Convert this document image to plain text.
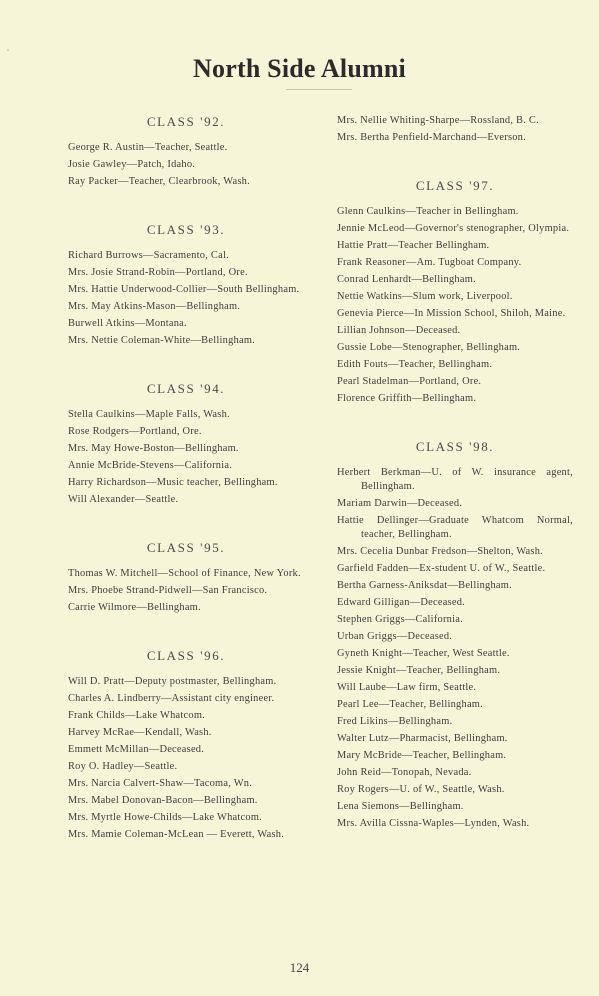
North Side Alumni
CLASS '92.
George R. Austin—Teacher, Seattle.
Josie Gawley—Patch, Idaho.
Ray Packer—Teacher, Clearbrook, Wash.
CLASS '93.
Richard Burrows—Sacramento, Cal.
Mrs. Josie Strand-Robin—Portland, Ore.
Mrs. Hattie Underwood-Collier—South Bellingham.
Mrs. May Atkins-Mason—Bellingham.
Burwell Atkins—Montana.
Mrs. Nettie Coleman-White—Bellingham.
CLASS '94.
Stella Caulkins—Maple Falls, Wash.
Rose Rodgers—Portland, Ore.
Mrs. May Howe-Boston—Bellingham.
Annie McBride-Stevens—California.
Harry Richardson—Music teacher, Bellingham.
Will Alexander—Seattle.
CLASS '95.
Thomas W. Mitchell—School of Finance, New York.
Mrs. Phoebe Strand-Pidwell—San Francisco.
Carrie Wilmore—Bellingham.
CLASS '96.
Will D. Pratt—Deputy postmaster, Bellingham.
Charles A. Lindberry—Assistant city engineer.
Frank Childs—Lake Whatcom.
Harvey McRae—Kendall, Wash.
Emmett McMillan—Deceased.
Roy O. Hadley—Seattle.
Mrs. Narcia Calvert-Shaw—Tacoma, Wn.
Mrs. Mabel Donovan-Bacon—Bellingham.
Mrs. Myrtle Howe-Childs—Lake Whatcom.
Mrs. Mamie Coleman-McLean — Everett, Wash.
Mrs. Nellie Whiting-Sharpe—Rossland, B. C.
Mrs. Bertha Penfield-Marchand—Everson.
CLASS '97.
Glenn Caulkins—Teacher in Bellingham.
Jennie McLeod—Governor's stenographer, Olympia.
Hattie Pratt—Teacher Bellingham.
Frank Reasoner—Am. Tugboat Company.
Conrad Lenhardt—Bellingham.
Nettie Watkins—Slum work, Liverpool.
Genevia Pierce—In Mission School, Shiloh, Maine.
Lillian Johnson—Deceased.
Gussie Lobe—Stenographer, Bellingham.
Edith Fouts—Teacher, Bellingham.
Pearl Stadelman—Portland, Ore.
Florence Griffith—Bellingham.
CLASS '98.
Herbert Berkman—U. of W. insurance agent, Bellingham.
Mariam Darwin—Deceased.
Hattie Dellinger—Graduate Whatcom Normal, teacher, Bellingham.
Mrs. Cecelia Dunbar Fredson—Shelton, Wash.
Garfield Fadden—Ex-student U. of W., Seattle.
Bertha Garness-Aniksdat—Bellingham.
Edward Gilligan—Deceased.
Stephen Griggs—California.
Urban Griggs—Deceased.
Gyneth Knight—Teacher, West Seattle.
Jessie Knight—Teacher, Bellingham.
Will Laube—Law firm, Seattle.
Pearl Lee—Teacher, Bellingham.
Fred Likins—Bellingham.
Walter Lutz—Pharmacist, Bellingham.
Mary McBride—Teacher, Bellingham.
John Reid—Tonopah, Nevada.
Roy Rogers—U. of W., Seattle, Wash.
Lena Siemons—Bellingham.
Mrs. Avilla Cissna-Waples—Lynden, Wash.
124
